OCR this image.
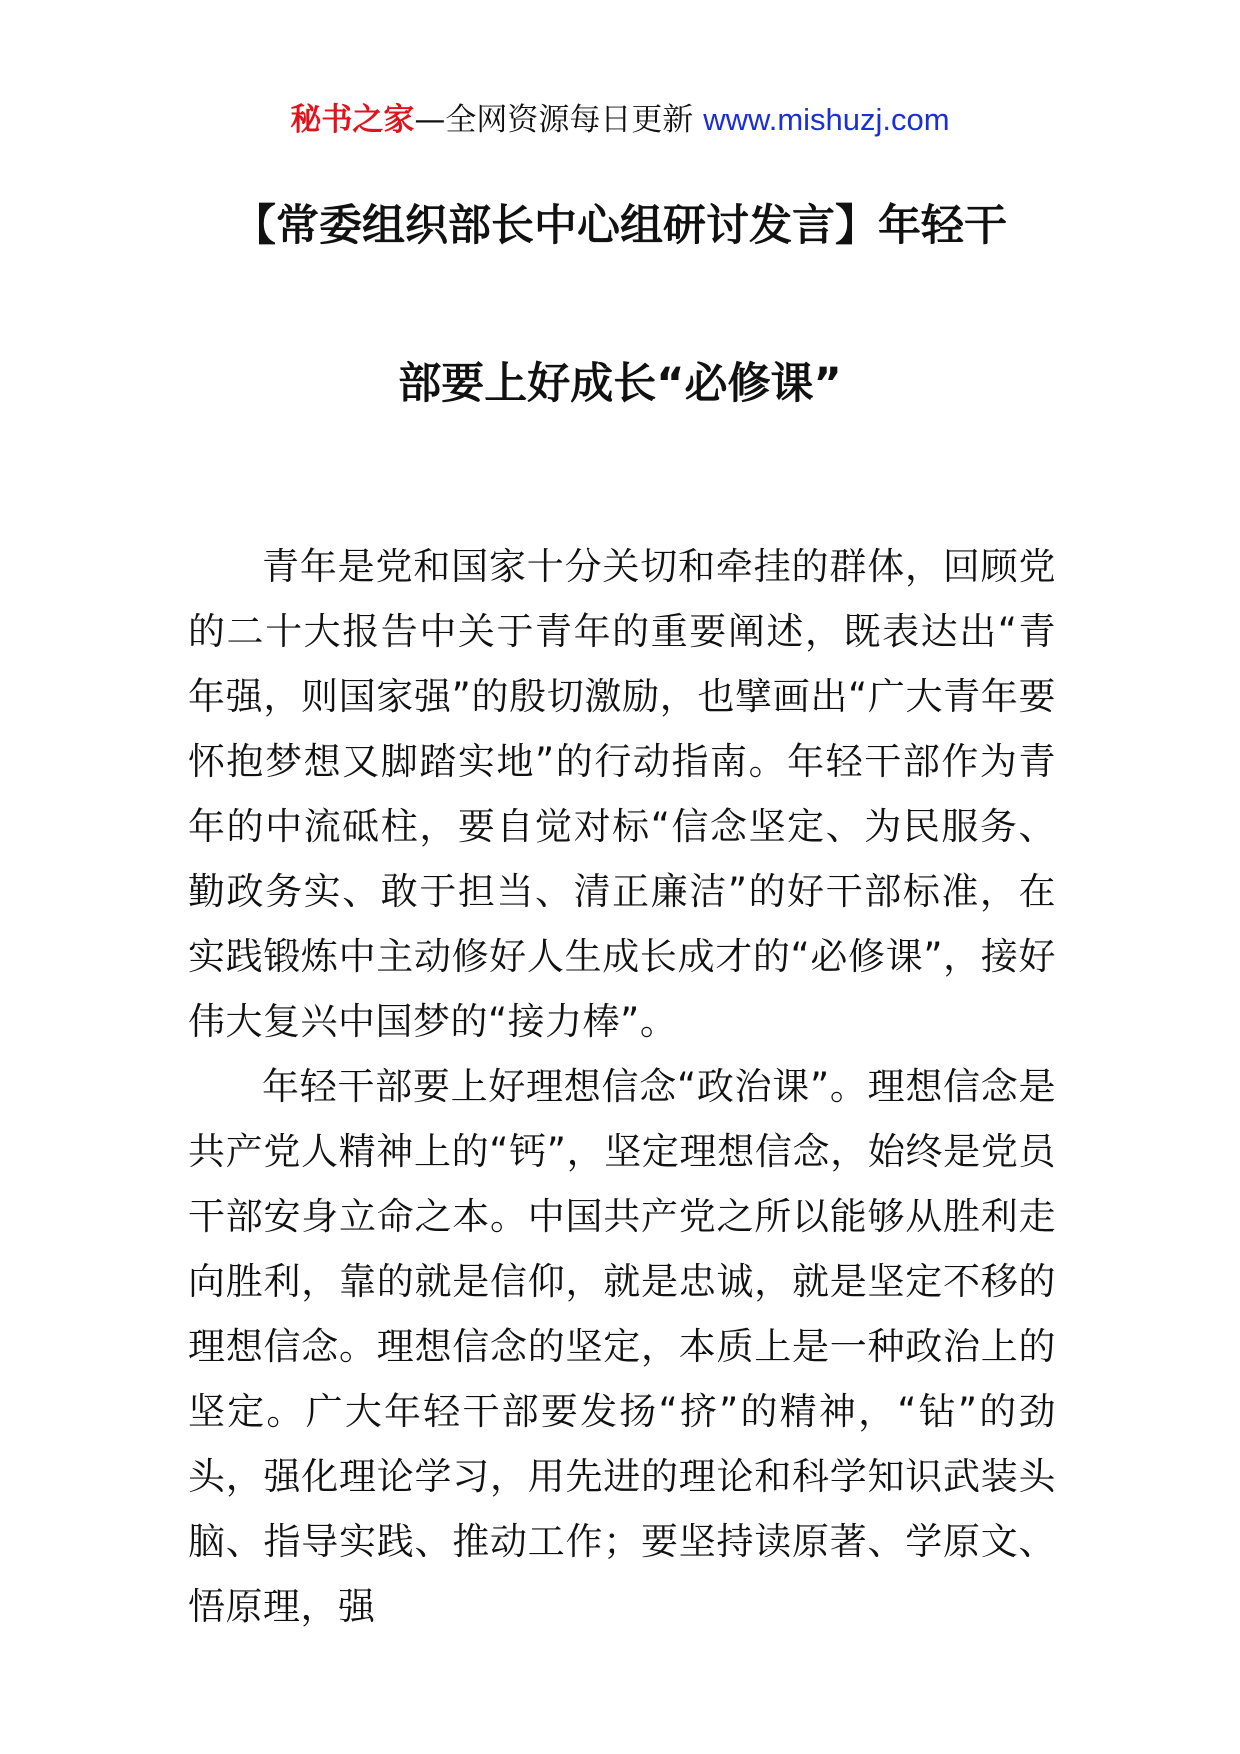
秘书之家—全网资源每日更新 www.mishuzj.com
【常委组织部长中心组研讨发言】年轻干
部要上好成长“必修课”

青年是党和国家十分关切和牵挂的群体，回顾党的二十大报告中关于青年的重要阐述，既表达出“青年强，则国家强”的殷切激励，也擘画出“广大青年要怀抱梦想又脚踏实地”的行动指南。年轻干部作为青年的中流砥柱，要自觉对标“信念坚定、为民服务、勤政务实、敢于担当、清正廉洁”的好干部标准，在实践锻炼中主动修好人生成长成才的“必修课”，接好伟大复兴中国梦的“接力棒”。

年轻干部要上好理想信念“政治课”。理想信念是共产党人精神上的“钙”，坚定理想信念，始终是党员干部安身立命之本。中国共产党之所以能够从胜利走向胜利，靠的就是信仰，就是忠诚，就是坚定不移的理想信念。理想信念的坚定，本质上是一种政治上的坚定。广大年轻干部要发扬“挤”的精神，“钻”的劲头，强化理论学习，用先进的理论和科学知识武装头脑、指导实践、推动工作；要坚持读原著、学原文、悟原理，强
